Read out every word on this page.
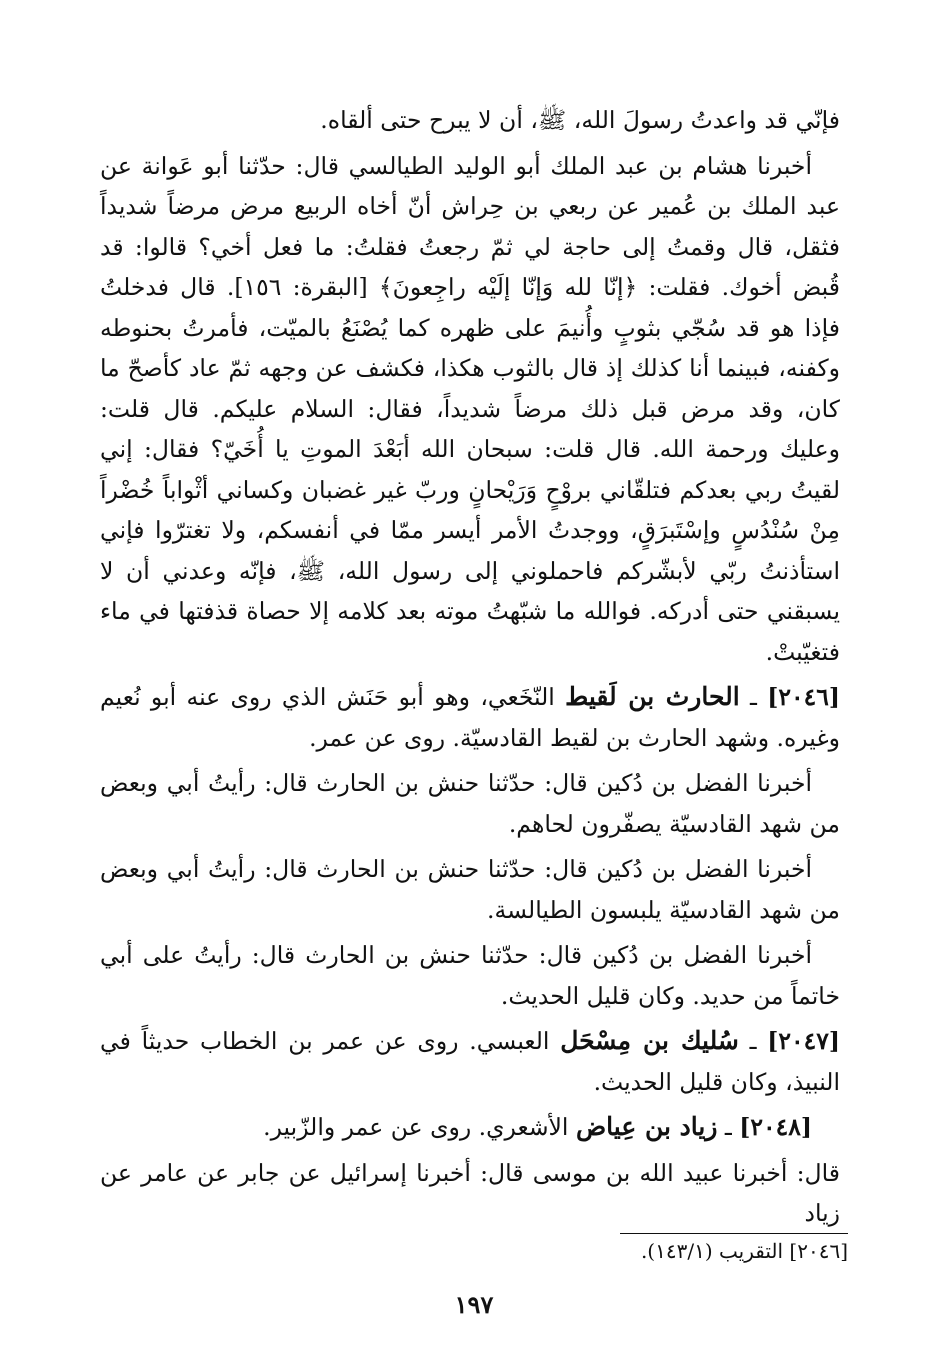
فإنّي قد واعدتُ رسولَ الله، ﷺ، أن لا يبرح حتى ألقاه.

أخبرنا هشام بن عبد الملك أبو الوليد الطيالسي قال: حدّثنا أبو عَوانة عن عبد الملك بن عُمير عن ربعي بن حِراش أنّ أخاه الربيع مرض مرضاً شديداً فثقل، قال وقمتُ إلى حاجة لي ثمّ رجعتُ فقلتُ: ما فعل أخي؟ قالوا: قد قُبض أخوك. فقلت: ﴿إنّا لله وَإنّا إلَيْه راجِعونَ﴾ [البقرة: ١٥٦]. قال فدخلتُ فإذا هو قد سُجّي بثوبٍ وأُنيمَ على ظهره كما يُصْنَعُ بالميّت، فأمرتُ بحنوطه وكفنه، فبينما أنا كذلك إذ قال بالثوب هكذا، فكشف عن وجهه ثمّ عاد كأصحّ ما كان، وقد مرض قبل ذلك مرضاً شديداً، فقال: السلام عليكم. قال قلت: وعليك ورحمة الله. قال قلت: سبحان الله أبَعْدَ الموتِ يا أُخَيّ؟ فقال: إني لقيتُ ربي بعدكم فتلقّاني بروْحٍ وَرَيْحانٍ وربّ غير غضبان وكساني أثْواباً خُضْراً مِنْ سُنْدُسٍ وإسْتَبرَقٍ، ووجدتُ الأمر أيسر ممّا في أنفسكم، ولا تغترّوا فإني استأذنتُ ربّي لأبشّركم فاحملوني إلى رسول الله، ﷺ، فإنّه وعدني أن لا يسبقني حتى أدركه. فوالله ما شبّهتُ موته بعد كلامه إلا حصاة قذفتها في ماء فتغيّبتْ.

[٢٠٤٦] ـ الحارث بن لَقيط النّخَعي، وهو أبو حَنَش الذي روى عنه أبو نُعيم وغيره. وشهد الحارث بن لقيط القادسيّة. روى عن عمر.

أخبرنا الفضل بن دُكين قال: حدّثنا حنش بن الحارث قال: رأيتُ أبي وبعض من شهد القادسيّة يصفّرون لحاهم.

أخبرنا الفضل بن دُكين قال: حدّثنا حنش بن الحارث قال: رأيتُ أبي وبعض من شهد القادسيّة يلبسون الطيالسة.

أخبرنا الفضل بن دُكين قال: حدّثنا حنش بن الحارث قال: رأيتُ على أبي خاتماً من حديد. وكان قليل الحديث.

[٢٠٤٧] ـ سُليك بن مِسْحَل العبسي. روى عن عمر بن الخطاب حديثاً في النبيذ، وكان قليل الحديث.

[٢٠٤٨] ـ زياد بن عِياض الأشعري. روى عن عمر والزّبير.

قال: أخبرنا عبيد الله بن موسى قال: أخبرنا إسرائيل عن جابر عن عامر عن زياد

[٢٠٤٦] التقريب (١٤٣/١).
١٩٧
